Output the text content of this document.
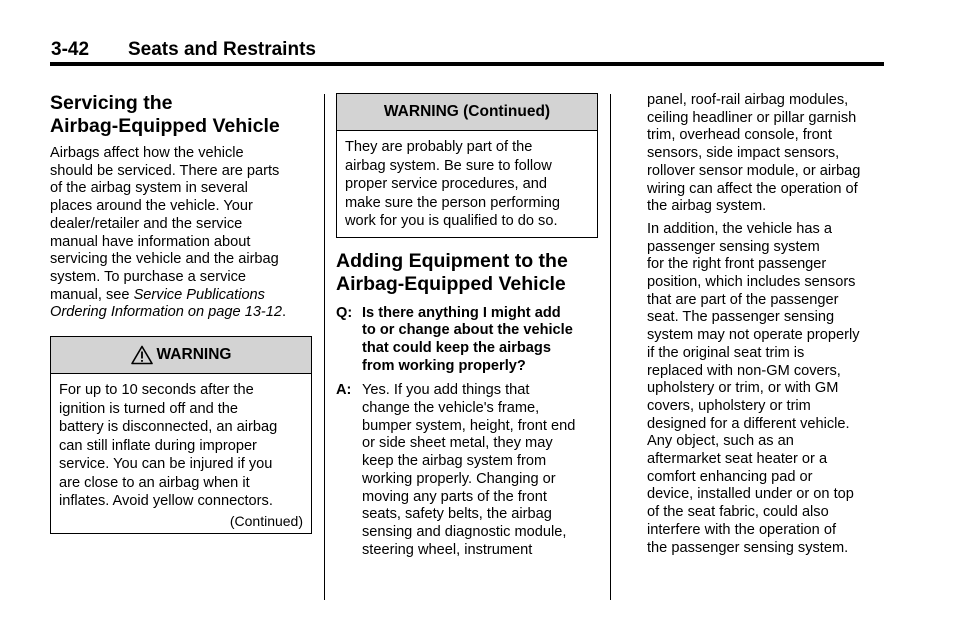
3-42 Seats and Restraints
Servicing the
Airbag-Equipped Vehicle

Airbags affect how the vehicle
should be serviced. There are parts
of the airbag system in several
places around the vehicle. Your
dealer/retailer and the service
manual have information about
servicing the vehicle and the airbag
system. To purchase a service
manual, see Service Publications
Ordering Information on page 13-12.

WARNING
For up to 10 seconds after the
ignition is turned off and the
battery is disconnected, an airbag
can still inflate during improper
service. You can be injured if you
are close to an airbag when it
inflates. Avoid yellow connectors.
(Continued)
WARNING (Continued)
They are probably part of the
airbag system. Be sure to follow
proper service procedures, and
make sure the person performing
work for you is qualified to do so.
Adding Equipment to the
Airbag-Equipped Vehicle
Q: Is there anything I might add
to or change about the vehicle
that could keep the airbags
from working properly?
A: Yes. If you add things that
change the vehicle's frame,
bumper system, height, front end
or side sheet metal, they may
keep the airbag system from
working properly. Changing or
moving any parts of the front
seats, safety belts, the airbag
sensing and diagnostic module,
steering wheel, instrument

panel, roof-rail airbag modules,
ceiling headliner or pillar garnish
trim, overhead console, front
sensors, side impact sensors,
rollover sensor module, or airbag
wiring can affect the operation of
the airbag system.

In addition, the vehicle has a
passenger sensing system
for the right front passenger
position, which includes sensors
that are part of the passenger
seat. The passenger sensing
system may not operate properly
if the original seat trim is
replaced with non-GM covers,
upholstery or trim, or with GM
covers, upholstery or trim
designed for a different vehicle.
Any object, such as an
aftermarket seat heater or a
comfort enhancing pad or
device, installed under or on top
of the seat fabric, could also
interfere with the operation of
the passenger sensing system.
